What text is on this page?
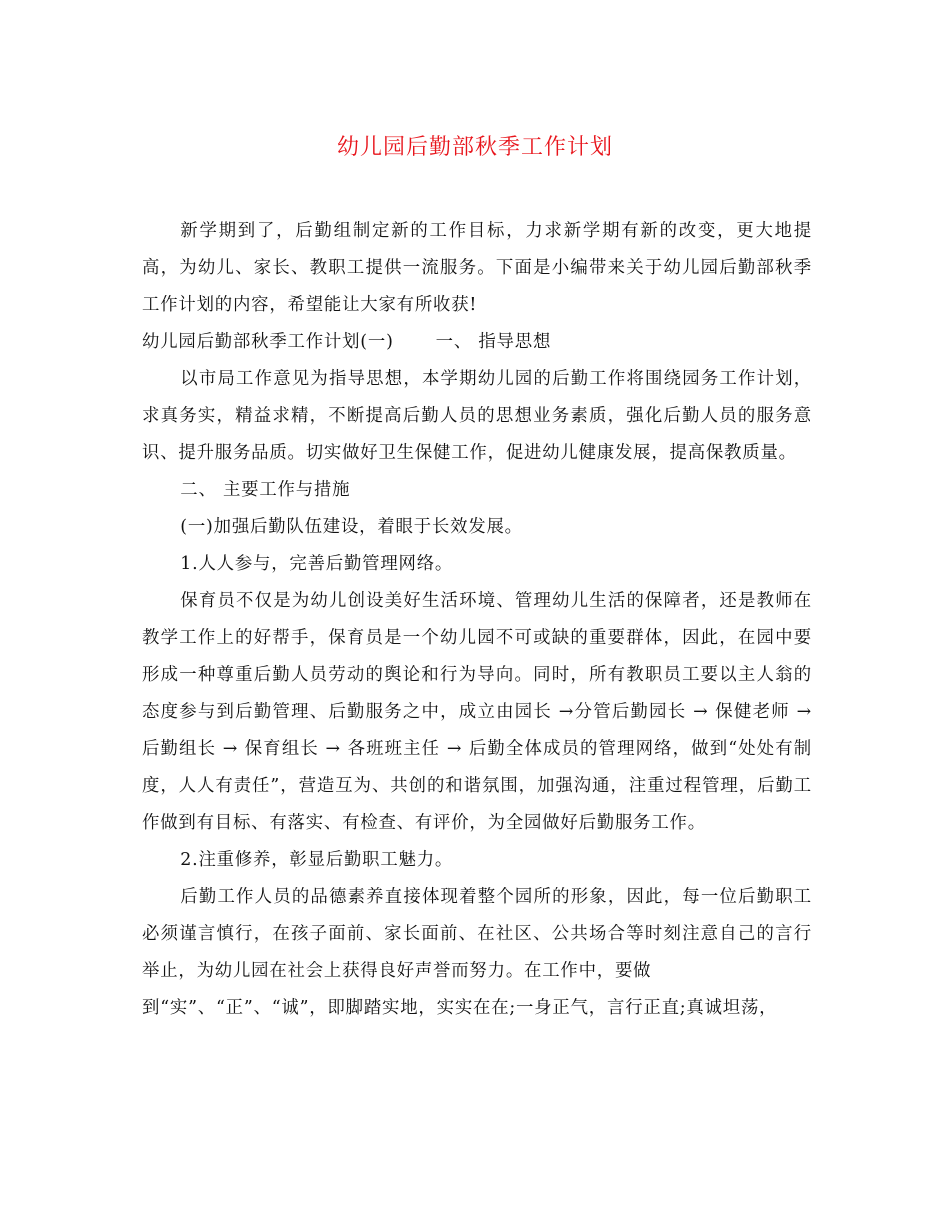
幼儿园后勤部秋季工作计划

新学期到了，后勤组制定新的工作目标，力求新学期有新的改变，更大地提高，为幼儿、家长、教职工提供一流服务。下面是小编带来关于幼儿园后勤部秋季工作计划的内容，希望能让大家有所收获!

幼儿园后勤部秋季工作计划(一) 一、 指导思想

以市局工作意见为指导思想，本学期幼儿园的后勤工作将围绕园务工作计划，求真务实，精益求精，不断提高后勤人员的思想业务素质，强化后勤人员的服务意识、提升服务品质。切实做好卫生保健工作，促进幼儿健康发展，提高保教质量。

二、 主要工作与措施

(一)加强后勤队伍建设，着眼于长效发展。

1.人人参与，完善后勤管理网络。

保育员不仅是为幼儿创设美好生活环境、管理幼儿生活的保障者，还是教师在教学工作上的好帮手，保育员是一个幼儿园不可或缺的重要群体，因此，在园中要形成一种尊重后勤人员劳动的舆论和行为导向。同时，所有教职员工要以主人翁的态度参与到后勤管理、后勤服务之中，成立由园长 →分管后勤园长 → 保健老师 → 后勤组长 → 保育组长 → 各班班主任 → 后勤全体成员的管理网络，做到“处处有制度，人人有责任”，营造互为、共创的和谐氛围，加强沟通，注重过程管理，后勤工作做到有目标、有落实、有检查、有评价，为全园做好后勤服务工作。

2.注重修养，彰显后勤职工魅力。

后勤工作人员的品德素养直接体现着整个园所的形象，因此，每一位后勤职工必须谨言慎行，在孩子面前、家长面前、在社区、公共场合等时刻注意自己的言行举止，为幼儿园在社会上获得良好声誉而努力。在工作中，要做

到“实”、“正”、“诚”，即脚踏实地，实实在在;一身正气，言行正直;真诚坦荡，
